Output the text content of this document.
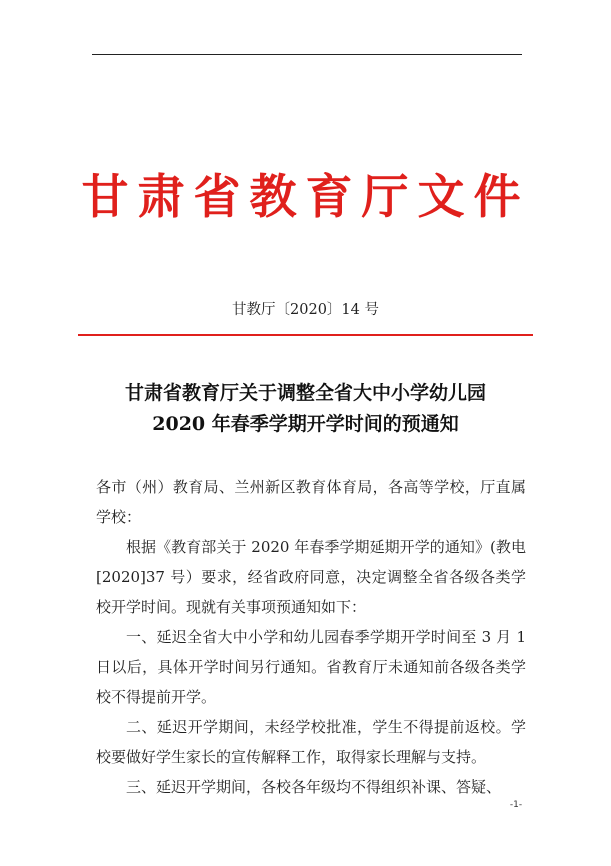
甘肃省教育厅文件
甘教厅〔2020〕14 号
甘肃省教育厅关于调整全省大中小学幼儿园
2020 年春季学期开学时间的预通知

各市（州）教育局、兰州新区教育体育局，各高等学校，厅直属学校：

根据《教育部关于 2020 年春季学期延期开学的通知》(教电[2020]37 号）要求，经省政府同意，决定调整全省各级各类学校开学时间。现就有关事项预通知如下：

一、延迟全省大中小学和幼儿园春季学期开学时间至 3 月 1 日以后，具体开学时间另行通知。省教育厅未通知前各级各类学校不得提前开学。

二、延迟开学期间，未经学校批准，学生不得提前返校。学校要做好学生家长的宣传解释工作，取得家长理解与支持。

三、延迟开学期间，各校各年级均不得组织补课、答疑、

-1-
